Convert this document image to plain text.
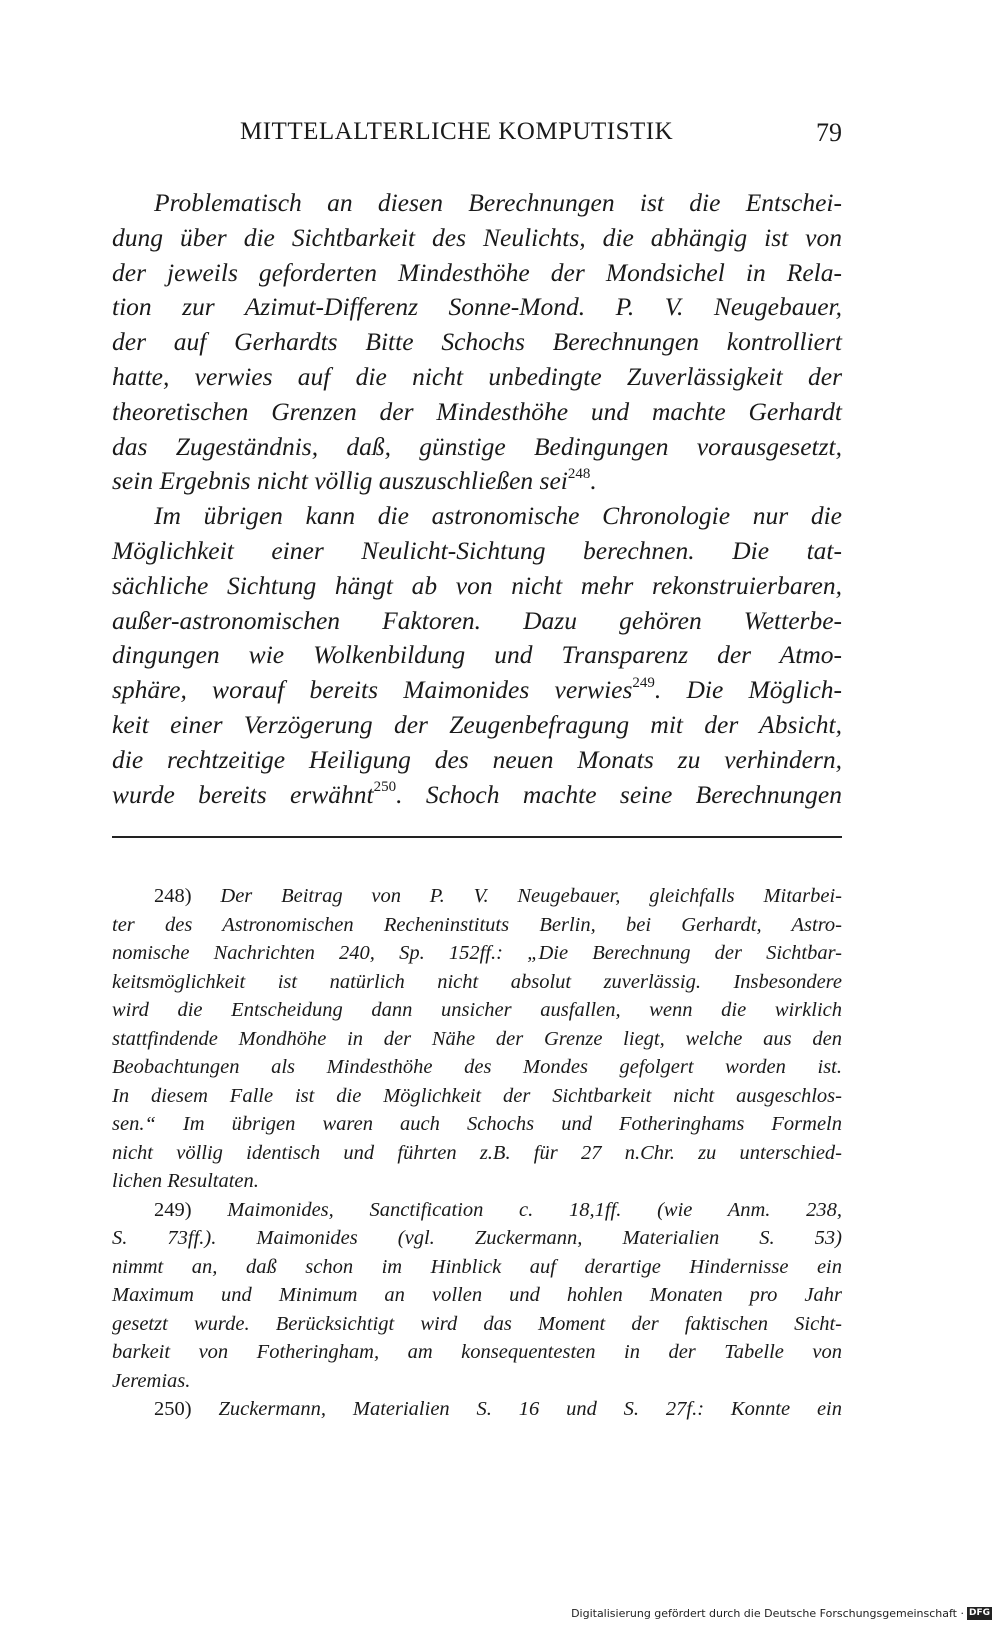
MITTELALTERLICHE KOMPUTISTIK	79
Problematisch an diesen Berechnungen ist die Entschei-
dung über die Sichtbarkeit des Neulichts, die abhängig ist von
der jeweils geforderten Mindesthöhe der Mondsichel in Rela-
tion zur Azimut-Differenz Sonne-Mond. P. V. Neugebauer,
der auf Gerhardts Bitte Schochs Berechnungen kontrolliert
hatte, verwies auf die nicht unbedingte Zuverlässigkeit der
theoretischen Grenzen der Mindesthöhe und machte Gerhardt
das Zugeständnis, daß, günstige Bedingungen vorausgesetzt,
sein Ergebnis nicht völlig auszuschließen sei$^{248}$.
Im übrigen kann die astronomische Chronologie nur die
Möglichkeit einer Neulicht-Sichtung berechnen. Die tat-
sächliche Sichtung hängt ab von nicht mehr rekonstruierbaren,
außer-astronomischen Faktoren. Dazu gehören Wetterbe-
dingungen wie Wolkenbildung und Transparenz der Atmo-
sphäre, worauf bereits Maimonides verwies$^{249}$. Die Möglich-
keit einer Verzögerung der Zeugenbefragung mit der Absicht,
die rechtzeitige Heiligung des neuen Monats zu verhindern,
wurde bereits erwähnt$^{250}$. Schoch machte seine Berechnungen
248) Der Beitrag von P. V. Neugebauer, gleichfalls Mitarbei-
ter des Astronomischen Recheninstituts Berlin, bei Gerhardt, Astro-
nomische Nachrichten 240, Sp. 152ff.: „Die Berechnung der Sichtbar-
keitsmöglichkeit ist natürlich nicht absolut zuverlässig. Insbesondere
wird die Entscheidung dann unsicher ausfallen, wenn die wirklich
stattfindende Mondhöhe in der Nähe der Grenze liegt, welche aus den
Beobachtungen als Mindesthöhe des Mondes gefolgert worden ist.
In diesem Falle ist die Möglichkeit der Sichtbarkeit nicht ausgeschlos-
sen.“ Im übrigen waren auch Schochs und Fotheringhams Formeln
nicht völlig identisch und führten z.B. für 27 n.Chr. zu unterschied-
lichen Resultaten.
249) Maimonides, Sanctification c. 18,1ff. (wie Anm. 238,
S. 73ff.). Maimonides (vgl. Zuckermann, Materialien S. 53)
nimmt an, daß schon im Hinblick auf derartige Hindernisse ein
Maximum und Minimum an vollen und hohlen Monaten pro Jahr
gesetzt wurde. Berücksichtigt wird das Moment der faktischen Sicht-
barkeit von Fotheringham, am konsequentesten in der Tabelle von
Jeremias.
250) Zuckermann, Materialien S. 16 und S. 27f.: Konnte ein
Digitalisierung gefördert durch die Deutsche Forschungsgemeinschaft · DFG
